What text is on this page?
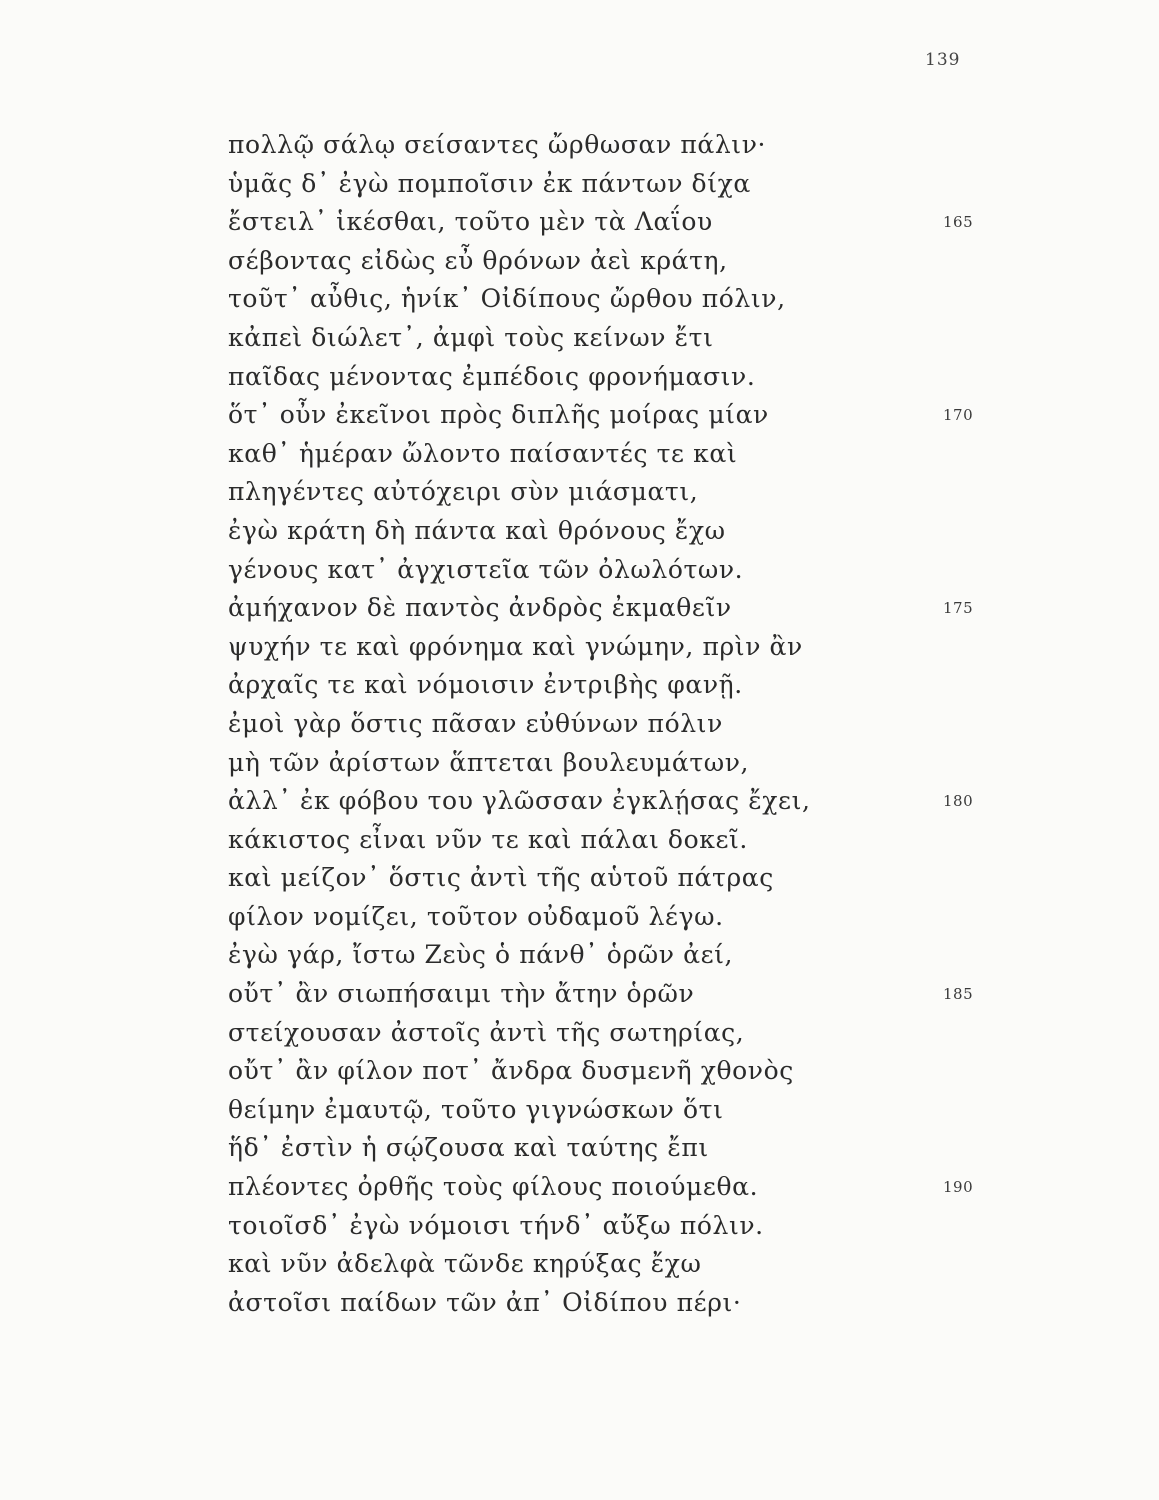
139
πολλῷ σάλῳ σείσαντες ὤρθωσαν πάλιν·
ὑμᾶς δ᾽ ἐγὼ πομποῖσιν ἐκ πάντων δίχα
ἔστειλ᾽ ἱκέσθαι, τοῦτο μὲν τὰ Λαΐου	165
σέβοντας εἰδὼς εὖ θρόνων ἀεὶ κράτη,
τοῦτ᾽ αὖθις, ἡνίκ᾽ Οἰδίπους ὤρθου πόλιν,
κἀπεὶ διώλετ᾽, ἀμφὶ τοὺς κείνων ἔτι
παῖδας μένοντας ἐμπέδοις φρονήμασιν.
ὅτ᾽ οὖν ἐκεῖνοι πρὸς διπλῆς μοίρας μίαν	170
καθ᾽ ἡμέραν ὤλοντο παίσαντές τε καὶ
πληγέντες αὐτόχειρι σὺν μιάσματι,
ἐγὼ κράτη δὴ πάντα καὶ θρόνους ἔχω
γένους κατ᾽ ἀγχιστεῖα τῶν ὀλωλότων.
ἀμήχανον δὲ παντὸς ἀνδρὸς ἐκμαθεῖν	175
ψυχήν τε καὶ φρόνημα καὶ γνώμην, πρὶν ἂν
ἀρχαῖς τε καὶ νόμοισιν ἐντριβὴς φανῇ.
ἐμοὶ γὰρ ὅστις πᾶσαν εὐθύνων πόλιν
μὴ τῶν ἀρίστων ἅπτεται βουλευμάτων,
ἀλλ᾽ ἐκ φόβου του γλῶσσαν ἐγκλῄσας ἔχει,	180
κάκιστος εἶναι νῦν τε καὶ πάλαι δοκεῖ.
καὶ μείζον᾽ ὅστις ἀντὶ τῆς αὑτοῦ πάτρας
φίλον νομίζει, τοῦτον οὐδαμοῦ λέγω.
ἐγὼ γάρ, ἴστω Ζεὺς ὁ πάνθ᾽ ὁρῶν ἀεί,
οὔτ᾽ ἂν σιωπήσαιμι τὴν ἄτην ὁρῶν	185
στείχουσαν ἀστοῖς ἀντὶ τῆς σωτηρίας,
οὔτ᾽ ἂν φίλον ποτ᾽ ἄνδρα δυσμενῆ χθονὸς
θείμην ἐμαυτῷ, τοῦτο γιγνώσκων ὅτι
ἥδ᾽ ἐστὶν ἡ σῴζουσα καὶ ταύτης ἔπι
πλέοντες ὀρθῆς τοὺς φίλους ποιούμεθα.	190
τοιοῖσδ᾽ ἐγὼ νόμοισι τήνδ᾽ αὔξω πόλιν.
καὶ νῦν ἀδελφὰ τῶνδε κηρύξας ἔχω
ἀστοῖσι παίδων τῶν ἀπ᾽ Οἰδίπου πέρι·
